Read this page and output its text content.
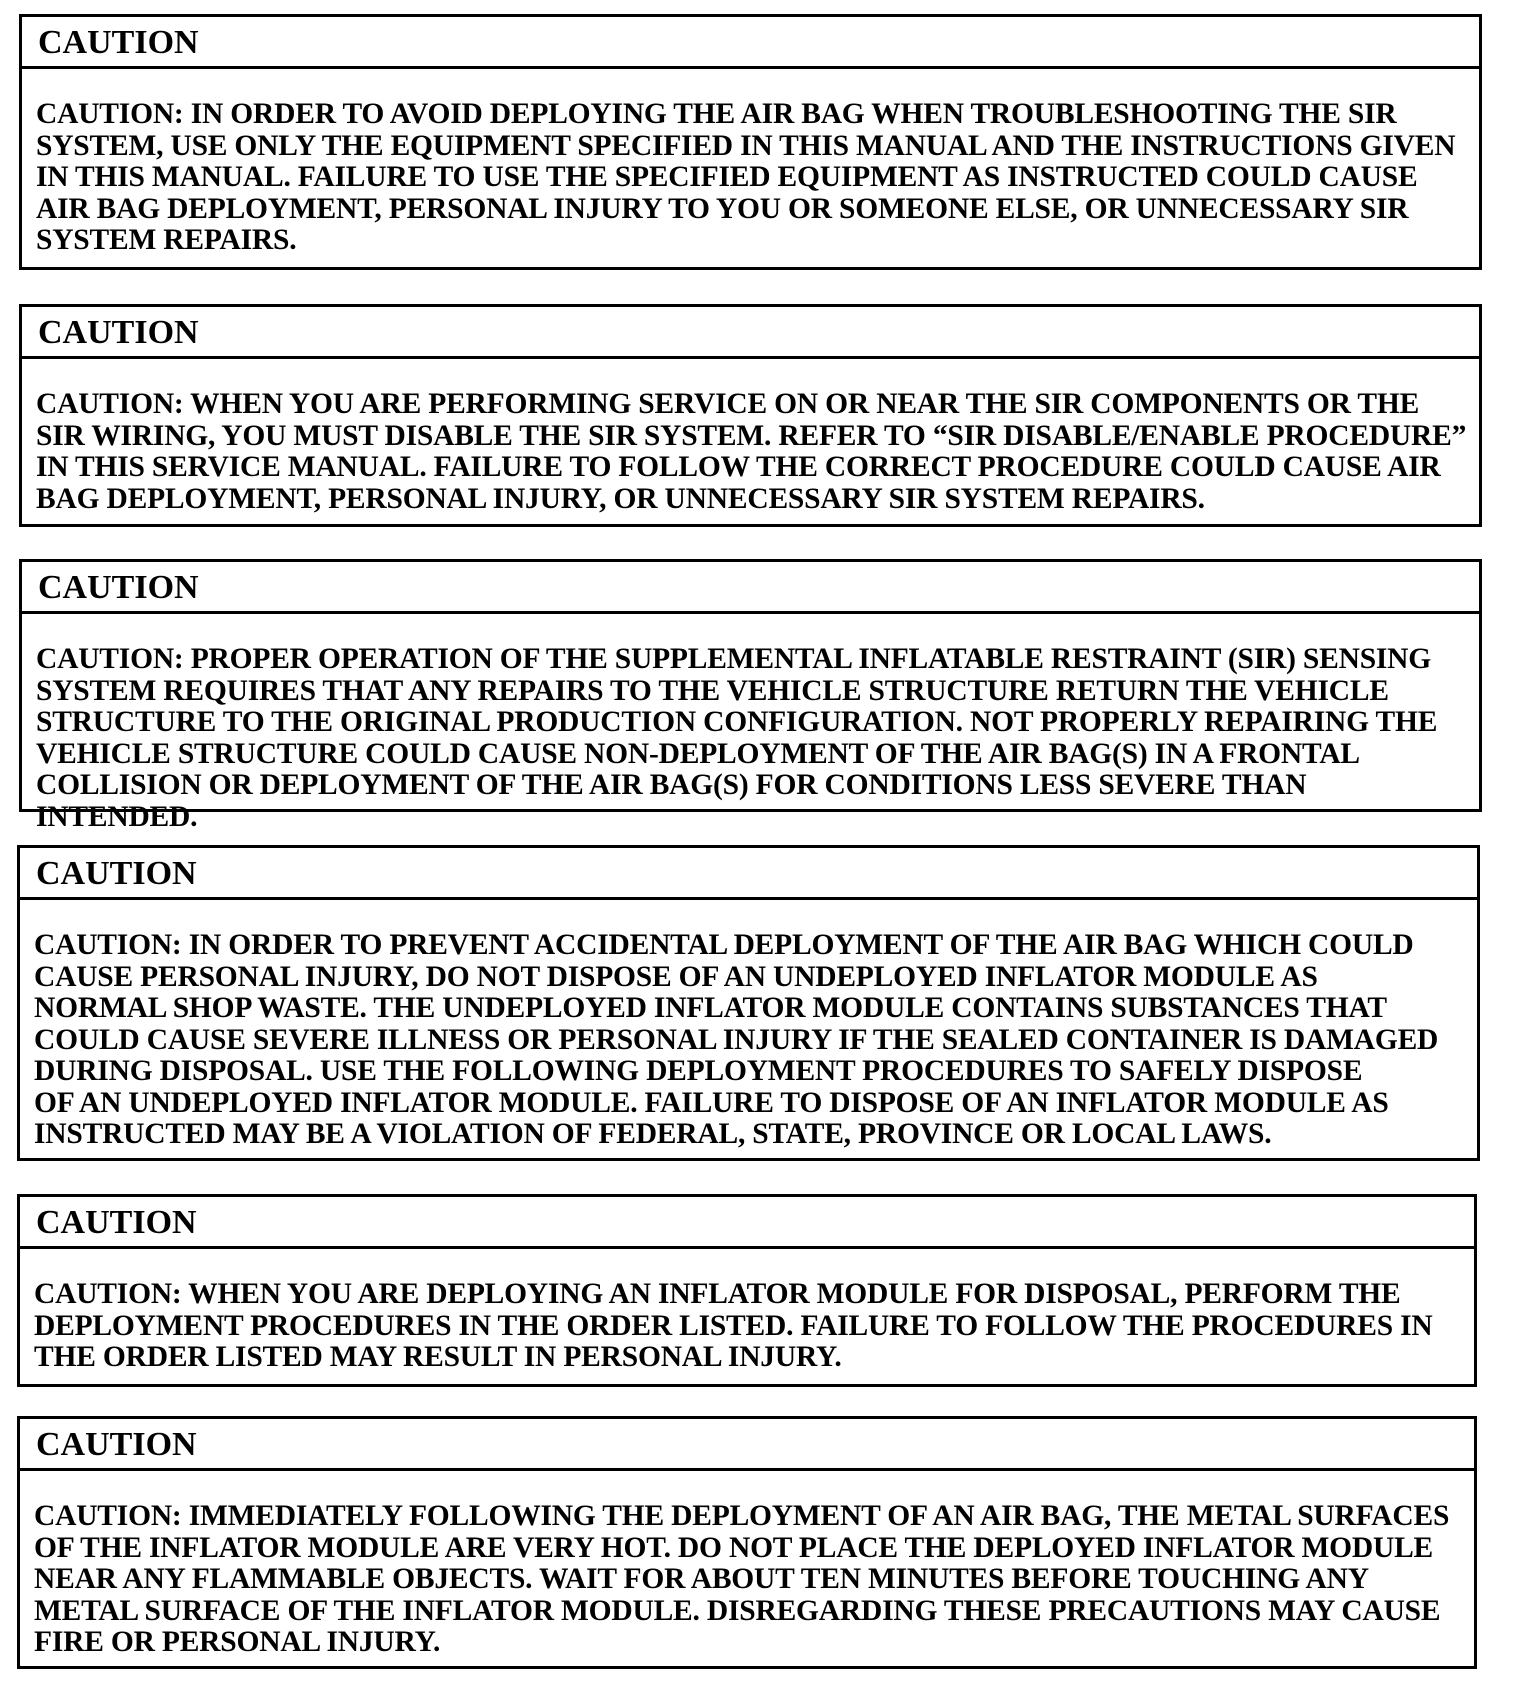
CAUTION
CAUTION: IN ORDER TO AVOID DEPLOYING THE AIR BAG WHEN TROUBLESHOOTING THE SIR
SYSTEM, USE ONLY THE EQUIPMENT SPECIFIED IN THIS MANUAL AND THE INSTRUCTIONS GIVEN
IN THIS MANUAL. FAILURE TO USE THE SPECIFIED EQUIPMENT AS INSTRUCTED COULD CAUSE
AIR BAG DEPLOYMENT, PERSONAL INJURY TO YOU OR SOMEONE ELSE, OR UNNECESSARY SIR
SYSTEM REPAIRS.
CAUTION
CAUTION: WHEN YOU ARE PERFORMING SERVICE ON OR NEAR THE SIR COMPONENTS OR THE
SIR WIRING, YOU MUST DISABLE THE SIR SYSTEM. REFER TO “SIR DISABLE/ENABLE PROCEDURE”
IN THIS SERVICE MANUAL. FAILURE TO FOLLOW THE CORRECT PROCEDURE COULD CAUSE AIR
BAG DEPLOYMENT, PERSONAL INJURY, OR UNNECESSARY SIR SYSTEM REPAIRS.
CAUTION
CAUTION: PROPER OPERATION OF THE SUPPLEMENTAL INFLATABLE RESTRAINT (SIR) SENSING
SYSTEM REQUIRES THAT ANY REPAIRS TO THE VEHICLE STRUCTURE RETURN THE VEHICLE
STRUCTURE TO THE ORIGINAL PRODUCTION CONFIGURATION. NOT PROPERLY REPAIRING THE
VEHICLE STRUCTURE COULD CAUSE NON-DEPLOYMENT OF THE AIR BAG(S) IN A FRONTAL
COLLISION OR DEPLOYMENT OF THE AIR BAG(S) FOR CONDITIONS LESS SEVERE THAN INTENDED.
CAUTION
CAUTION: IN ORDER TO PREVENT ACCIDENTAL DEPLOYMENT OF THE AIR BAG WHICH COULD
CAUSE PERSONAL INJURY, DO NOT DISPOSE OF AN UNDEPLOYED INFLATOR MODULE AS
NORMAL SHOP WASTE. THE UNDEPLOYED INFLATOR MODULE CONTAINS SUBSTANCES THAT
COULD CAUSE SEVERE ILLNESS OR PERSONAL INJURY IF THE SEALED CONTAINER IS DAMAGED
DURING DISPOSAL. USE THE FOLLOWING DEPLOYMENT PROCEDURES TO SAFELY DISPOSE
OF AN UNDEPLOYED INFLATOR MODULE. FAILURE TO DISPOSE OF AN INFLATOR MODULE AS
INSTRUCTED MAY BE A VIOLATION OF FEDERAL, STATE, PROVINCE OR LOCAL LAWS.
CAUTION
CAUTION: WHEN YOU ARE DEPLOYING AN INFLATOR MODULE FOR DISPOSAL, PERFORM THE
DEPLOYMENT PROCEDURES IN THE ORDER LISTED. FAILURE TO FOLLOW THE PROCEDURES IN
THE ORDER LISTED MAY RESULT IN PERSONAL INJURY.
CAUTION
CAUTION: IMMEDIATELY FOLLOWING THE DEPLOYMENT OF AN AIR BAG, THE METAL SURFACES
OF THE INFLATOR MODULE ARE VERY HOT. DO NOT PLACE THE DEPLOYED INFLATOR MODULE
NEAR ANY FLAMMABLE OBJECTS. WAIT FOR ABOUT TEN MINUTES BEFORE TOUCHING ANY
METAL SURFACE OF THE INFLATOR MODULE. DISREGARDING THESE PRECAUTIONS MAY CAUSE
FIRE OR PERSONAL INJURY.
